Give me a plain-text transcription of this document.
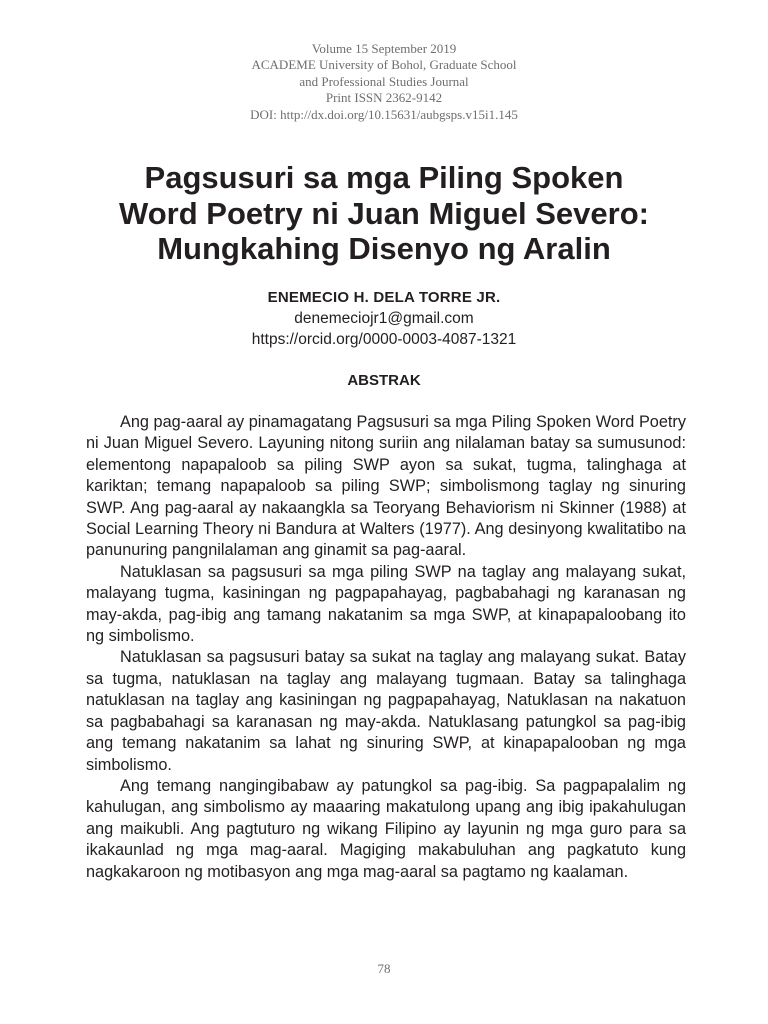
Volume 15 September 2019
ACADEME University of Bohol, Graduate School
and Professional Studies Journal
Print ISSN 2362-9142
DOI: http://dx.doi.org/10.15631/aubgsps.v15i1.145
Pagsusuri sa mga Piling Spoken
Word Poetry ni Juan Miguel Severo:
Mungkahing Disenyo ng Aralin
ENEMECIO H. DELA TORRE JR.
denemeciojr1@gmail.com
https://orcid.org/0000-0003-4087-1321
ABSTRAK

Ang pag-aaral ay pinamagatang Pagsusuri sa mga Piling Spoken Word Poetry ni Juan Miguel Severo. Layuning nitong suriin ang nilalaman batay sa sumusunod: elementong napapaloob sa piling SWP ayon sa sukat, tugma, talinghaga at kariktan; temang napapaloob sa piling SWP; simbolismong taglay ng sinuring SWP. Ang pag-aaral ay nakaangkla sa Teoryang Behaviorism ni Skinner (1988) at Social Learning Theory ni Bandura at Walters (1977). Ang desinyong kwalitatibo na panunuring pangnilalaman ang ginamit sa pag-aaral.

Natuklasan sa pagsusuri sa mga piling SWP na taglay ang malayang sukat, malayang tugma, kasiningan ng pagpapahayag, pagbabahagi ng karanasan ng may-akda, pag-ibig ang tamang nakatanim sa mga SWP, at kinapapaloobang ito ng simbolismo.

Natuklasan sa pagsusuri batay sa sukat na taglay ang malayang sukat. Batay sa tugma, natuklasan na taglay ang malayang tugmaan. Batay sa talinghaga natuklasan na taglay ang kasiningan ng pagpapahayag, Natuklasan na nakatuon sa pagbabahagi sa karanasan ng may-akda. Natuklasang patungkol sa pag-ibig ang temang nakatanim sa lahat ng sinuring SWP, at kinapapalooban ng mga simbolismo.

Ang temang nangingibabaw ay patungkol sa pag-ibig. Sa pagpapalalim ng kahulugan, ang simbolismo ay maaaring makatulong upang ang ibig ipakahulugan ang maikubli. Ang pagtuturo ng wikang Filipino ay layunin ng mga guro para sa ikakaunlad ng mga mag-aaral. Magiging makabuluhan ang pagkatuto kung nagkakaroon ng motibasyon ang mga mag-aaral sa pagtamo ng kaalaman.

78
